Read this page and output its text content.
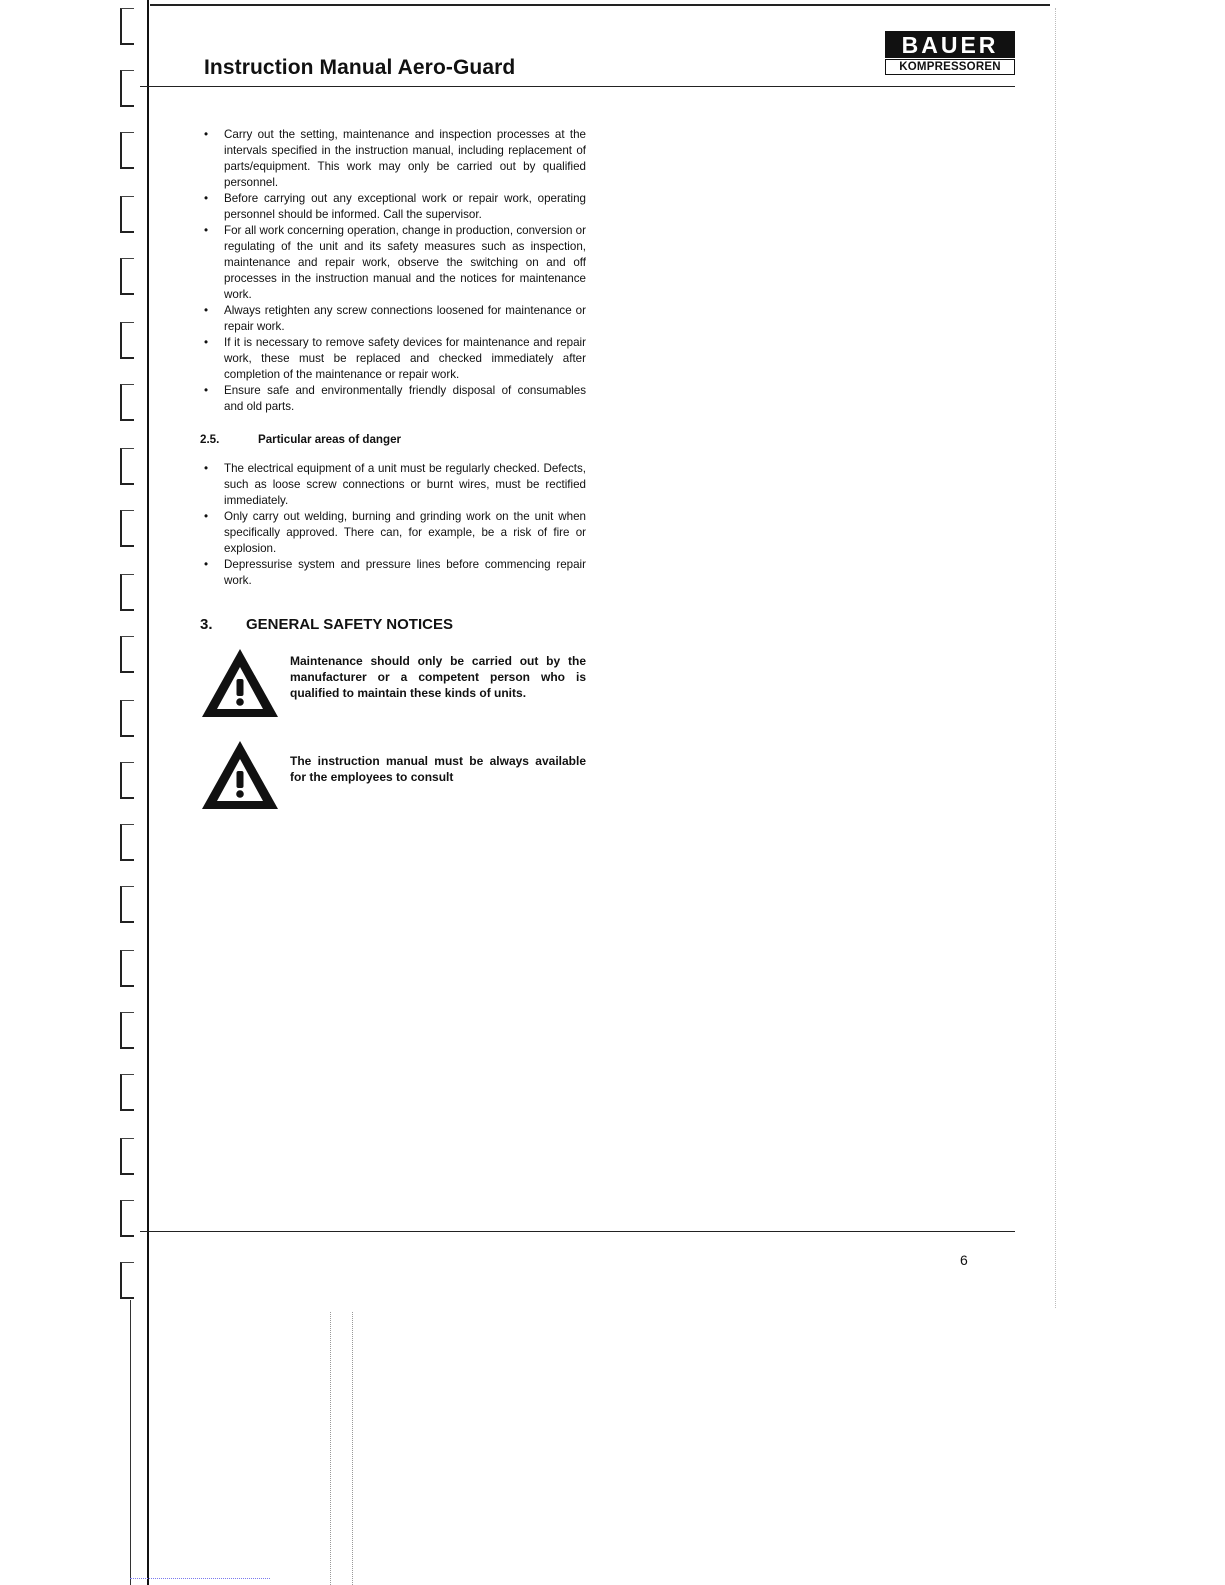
Instruction Manual Aero-Guard
BAUER
KOMPRESSOREN
• Carry out the setting, maintenance and inspection processes at the intervals specified in the instruction manual, including replacement of parts/equipment. This work may only be carried out by qualified personnel.
• Before carrying out any exceptional work or repair work, operating personnel should be informed. Call the supervisor.
• For all work concerning operation, change in production, conversion or regulating of the unit and its safety measures such as inspection, maintenance and repair work, observe the switching on and off processes in the instruction manual and the notices for maintenance work.
• Always retighten any screw connections loosened for maintenance or repair work.
• If it is necessary to remove safety devices for maintenance and repair work, these must be replaced and checked immediately after completion of the maintenance or repair work.
• Ensure safe and environmentally friendly disposal of consumables and old parts.
2.5.	Particular areas of danger
• The electrical equipment of a unit must be regularly checked. Defects, such as loose screw connections or burnt wires, must be rectified immediately.
• Only carry out welding, burning and grinding work on the unit when specifically approved. There can, for example, be a risk of fire or explosion.
• Depressurise system and pressure lines before commencing repair work.
3.	GENERAL SAFETY NOTICES
Maintenance should only be carried out by the manufacturer or a competent person who is qualified to maintain these kinds of units.
The instruction manual must be always available for the employees to consult
6
